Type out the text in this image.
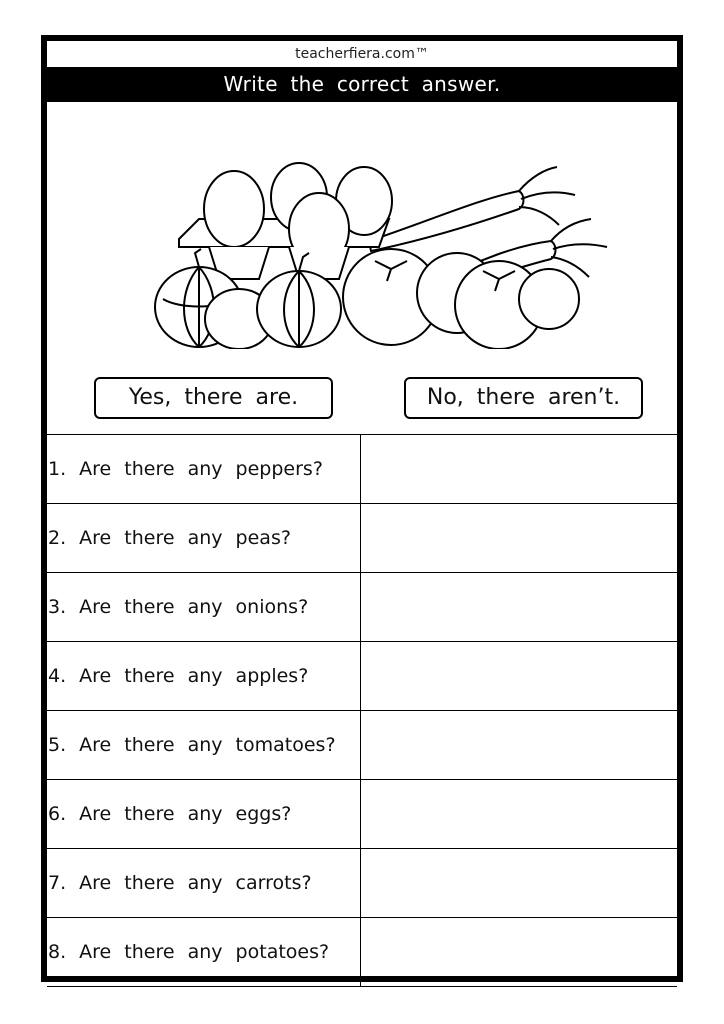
teacherfiera.com™
Write the correct answer.
Yes, there are.	No, there aren’t.
1. Are there any peppers?	
2. Are there any peas?	
3. Are there any onions?	
4. Are there any apples?	
5. Are there any tomatoes?	
6. Are there any eggs?	
7. Are there any carrots?	
8. Are there any potatoes?	
